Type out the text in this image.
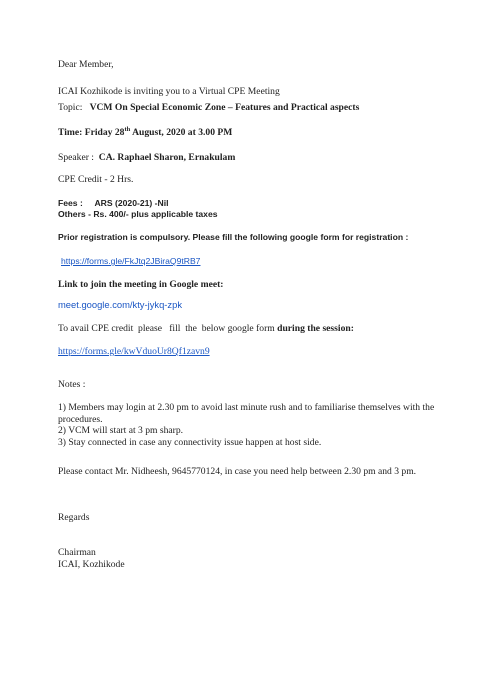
Dear Member,
ICAI Kozhikode is inviting you to a Virtual CPE Meeting
Topic: VCM On Special Economic Zone – Features and Practical aspects
Time: Friday 28th August, 2020 at 3.00 PM
Speaker : CA. Raphael Sharon, Ernakulam
CPE Credit - 2 Hrs.
Fees :     ARS (2020-21) -Nil
Others - Rs. 400/- plus applicable taxes
Prior registration is compulsory. Please fill the following google form for registration :
https://forms.gle/FkJtq2JBiraQ9tRB7
Link to join the meeting in Google meet:
meet.google.com/kty-jykq-zpk
To avail CPE credit  please   fill  the  below google form during the session:
https://forms.gle/kwVduoUr8Qf1zavn9
Notes :
1) Members may login at 2.30 pm to avoid last minute rush and to familiarise themselves with the procedures.
2) VCM will start at 3 pm sharp.
3) Stay connected in case any connectivity issue happen at host side.
Please contact Mr. Nidheesh, 9645770124, in case you need help between 2.30 pm and 3 pm.
Regards
Chairman
ICAI, Kozhikode
